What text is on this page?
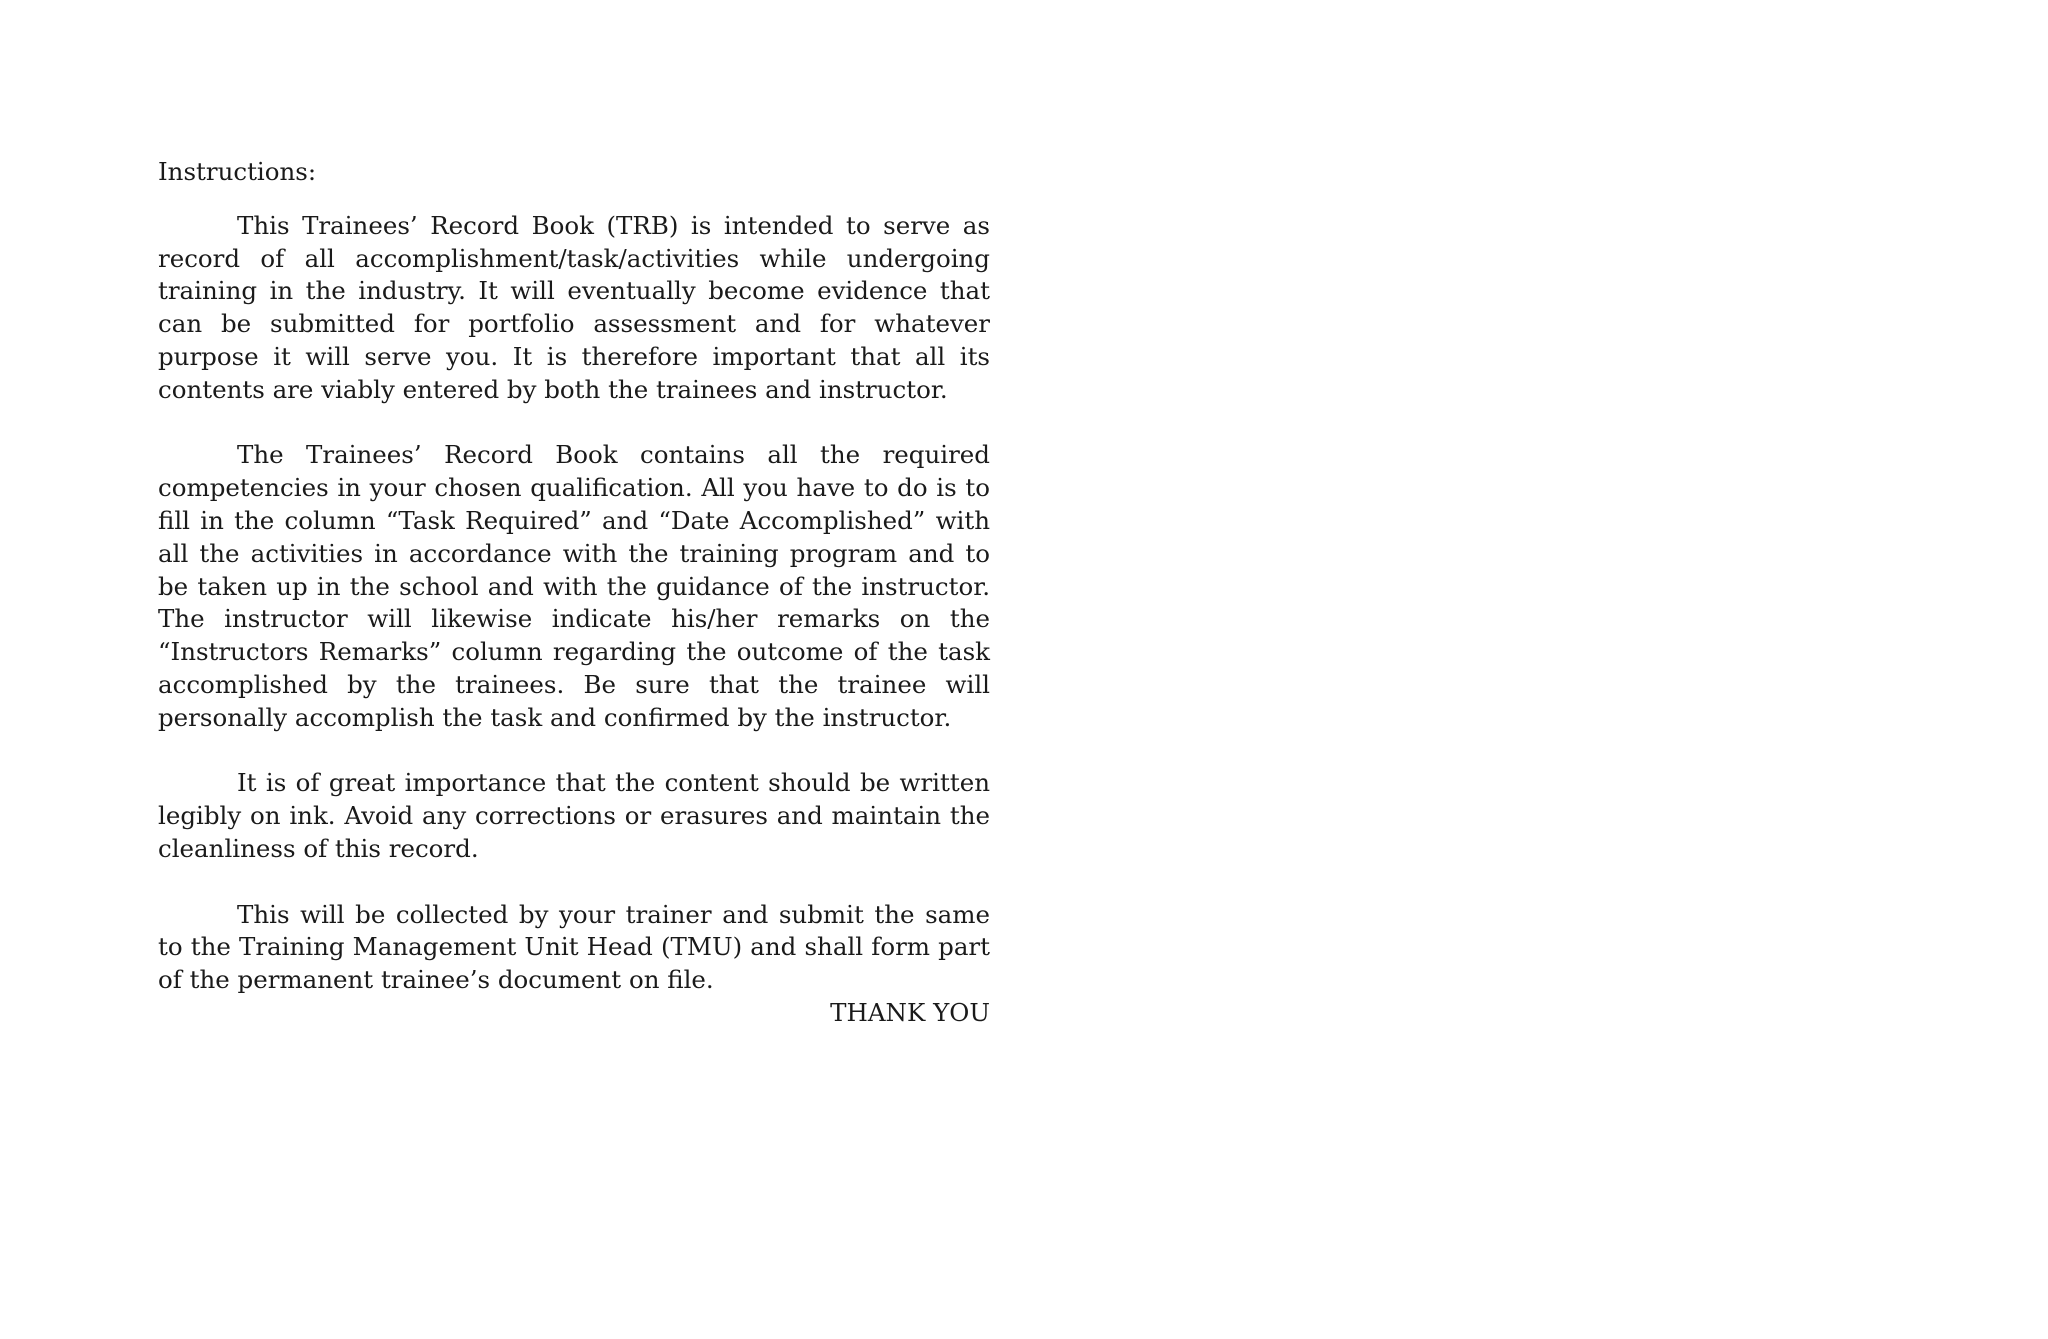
Instructions:

This Trainees’ Record Book (TRB) is intended to serve as record of all accomplishment/task/activities while undergoing training in the industry. It will eventually become evidence that can be submitted for portfolio assessment and for whatever purpose it will serve you. It is therefore important that all its contents are viably entered by both the trainees and instructor.

The Trainees’ Record Book contains all the required competencies in your chosen qualification. All you have to do is to fill in the column “Task Required” and “Date Accomplished” with all the activities in accordance with the training program and to be taken up in the school and with the guidance of the instructor. The instructor will likewise indicate his/her remarks on the “Instructors Remarks” column regarding the outcome of the task accomplished by the trainees. Be sure that the trainee will personally accomplish the task and confirmed by the instructor.

It is of great importance that the content should be written legibly on ink. Avoid any corrections or erasures and maintain the cleanliness of this record.

This will be collected by your trainer and submit the same to the Training Management Unit Head (TMU) and shall form part of the permanent trainee’s document on file.

THANK YOU
